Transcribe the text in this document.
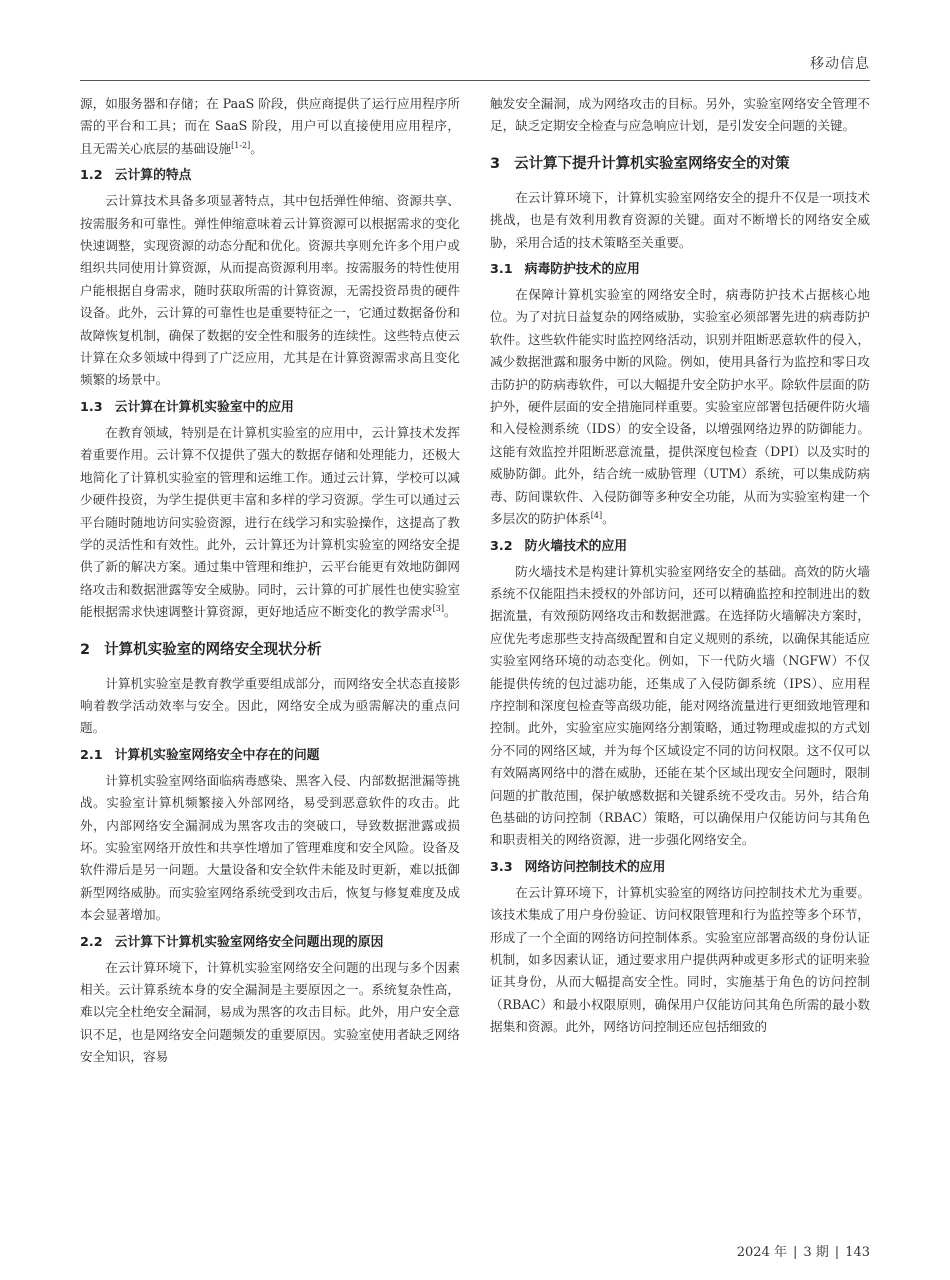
移动信息

源，如服务器和存储；在 PaaS 阶段，供应商提供了运行应用程序所需的平台和工具；而在 SaaS 阶段，用户可以直接使用应用程序，且无需关心底层的基础设施[1-2]。

1.2 云计算的特点

云计算技术具备多项显著特点，其中包括弹性伸缩、资源共享、按需服务和可靠性。弹性伸缩意味着云计算资源可以根据需求的变化快速调整，实现资源的动态分配和优化。资源共享则允许多个用户或组织共同使用计算资源，从而提高资源利用率。按需服务的特性使用户能根据自身需求，随时获取所需的计算资源，无需投资昂贵的硬件设备。此外，云计算的可靠性也是重要特征之一，它通过数据备份和故障恢复机制，确保了数据的安全性和服务的连续性。这些特点使云计算在众多领域中得到了广泛应用，尤其是在计算资源需求高且变化频繁的场景中。

1.3 云计算在计算机实验室中的应用

在教育领域，特别是在计算机实验室的应用中，云计算技术发挥着重要作用。云计算不仅提供了强大的数据存储和处理能力，还极大地简化了计算机实验室的管理和运维工作。通过云计算，学校可以减少硬件投资，为学生提供更丰富和多样的学习资源。学生可以通过云平台随时随地访问实验资源，进行在线学习和实验操作，这提高了教学的灵活性和有效性。此外，云计算还为计算机实验室的网络安全提供了新的解决方案。通过集中管理和维护，云平台能更有效地防御网络攻击和数据泄露等安全威胁。同时，云计算的可扩展性也使实验室能根据需求快速调整计算资源，更好地适应不断变化的教学需求[3]。

2 计算机实验室的网络安全现状分析

计算机实验室是教育教学重要组成部分，而网络安全状态直接影响着教学活动效率与安全。因此，网络安全成为亟需解决的重点问题。

2.1 计算机实验室网络安全中存在的问题

计算机实验室网络面临病毒感染、黑客入侵、内部数据泄漏等挑战。实验室计算机频繁接入外部网络，易受到恶意软件的攻击。此外，内部网络安全漏洞成为黑客攻击的突破口，导致数据泄露或损坏。实验室网络开放性和共享性增加了管理难度和安全风险。设备及软件滞后是另一问题。大量设备和安全软件未能及时更新，难以抵御新型网络威胁。而实验室网络系统受到攻击后，恢复与修复难度及成本会显著增加。

2.2 云计算下计算机实验室网络安全问题出现的原因

在云计算环境下，计算机实验室网络安全问题的出现与多个因素相关。云计算系统本身的安全漏洞是主要原因之一。系统复杂性高，难以完全杜绝安全漏洞，易成为黑客的攻击目标。此外，用户安全意识不足，也是网络安全问题频发的重要原因。实验室使用者缺乏网络安全知识，容易

触发安全漏洞，成为网络攻击的目标。另外，实验室网络安全管理不足，缺乏定期安全检查与应急响应计划，是引发安全问题的关键。

3 云计算下提升计算机实验室网络安全的对策

在云计算环境下，计算机实验室网络安全的提升不仅是一项技术挑战，也是有效利用教育资源的关键。面对不断增长的网络安全威胁，采用合适的技术策略至关重要。

3.1 病毒防护技术的应用

在保障计算机实验室的网络安全时，病毒防护技术占据核心地位。为了对抗日益复杂的网络威胁，实验室必须部署先进的病毒防护软件。这些软件能实时监控网络活动，识别并阻断恶意软件的侵入，减少数据泄露和服务中断的风险。例如，使用具备行为监控和零日攻击防护的防病毒软件，可以大幅提升安全防护水平。除软件层面的防护外，硬件层面的安全措施同样重要。实验室应部署包括硬件防火墙和入侵检测系统（IDS）的安全设备，以增强网络边界的防御能力。这能有效监控并阻断恶意流量，提供深度包检查（DPI）以及实时的威胁防御。此外，结合统一威胁管理（UTM）系统，可以集成防病毒、防间谍软件、入侵防御等多种安全功能，从而为实验室构建一个多层次的防护体系[4]。

3.2 防火墙技术的应用

防火墙技术是构建计算机实验室网络安全的基础。高效的防火墙系统不仅能阻挡未授权的外部访问，还可以精确监控和控制进出的数据流量，有效预防网络攻击和数据泄露。在选择防火墙解决方案时，应优先考虑那些支持高级配置和自定义规则的系统，以确保其能适应实验室网络环境的动态变化。例如，下一代防火墙（NGFW）不仅能提供传统的包过滤功能，还集成了入侵防御系统（IPS）、应用程序控制和深度包检查等高级功能，能对网络流量进行更细致地管理和控制。此外，实验室应实施网络分割策略，通过物理或虚拟的方式划分不同的网络区域，并为每个区域设定不同的访问权限。这不仅可以有效隔离网络中的潜在威胁，还能在某个区域出现安全问题时，限制问题的扩散范围，保护敏感数据和关键系统不受攻击。另外，结合角色基础的访问控制（RBAC）策略，可以确保用户仅能访问与其角色和职责相关的网络资源，进一步强化网络安全。

3.3 网络访问控制技术的应用

在云计算环境下，计算机实验室的网络访问控制技术尤为重要。该技术集成了用户身份验证、访问权限管理和行为监控等多个环节，形成了一个全面的网络访问控制体系。实验室应部署高级的身份认证机制，如多因素认证，通过要求用户提供两种或更多形式的证明来验证其身份，从而大幅提高安全性。同时，实施基于角色的访问控制（RBAC）和最小权限原则，确保用户仅能访问其角色所需的最小数据集和资源。此外，网络访问控制还应包括细致的

2024 年 | 3 期 | 143
